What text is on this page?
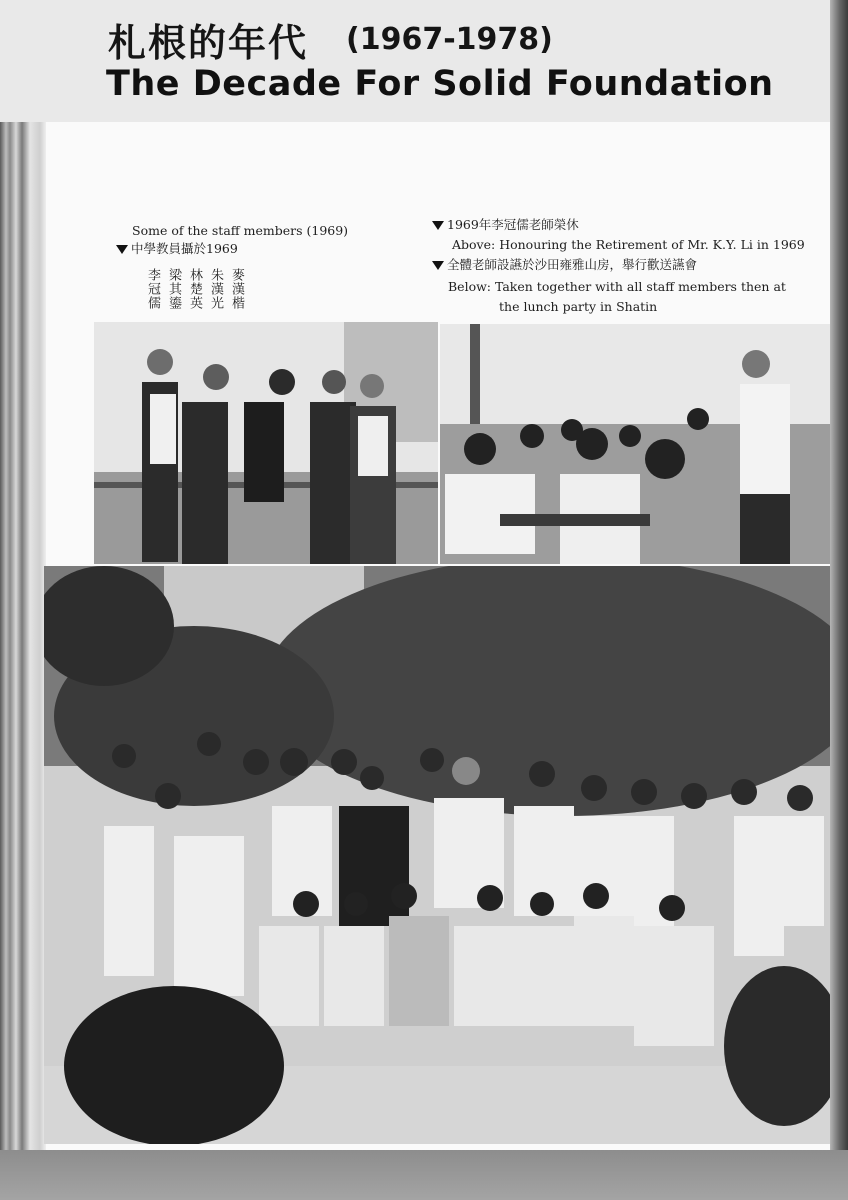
札根的年代 (1967-1978)
The Decade For Solid Foundation
Some of the staff members (1969)
中學教員攝於1969
李冠儒 梁其鎏 林楚英 朱漢光 麥漢楷
1969年李冠儒老師榮休
Above: Honouring the Retirement of Mr. K.Y. Li in 1969
全體老師設讌於沙田雍雅山房，舉行歡送讌會
Below: Taken together with all staff members then at
the lunch party in Shatin
